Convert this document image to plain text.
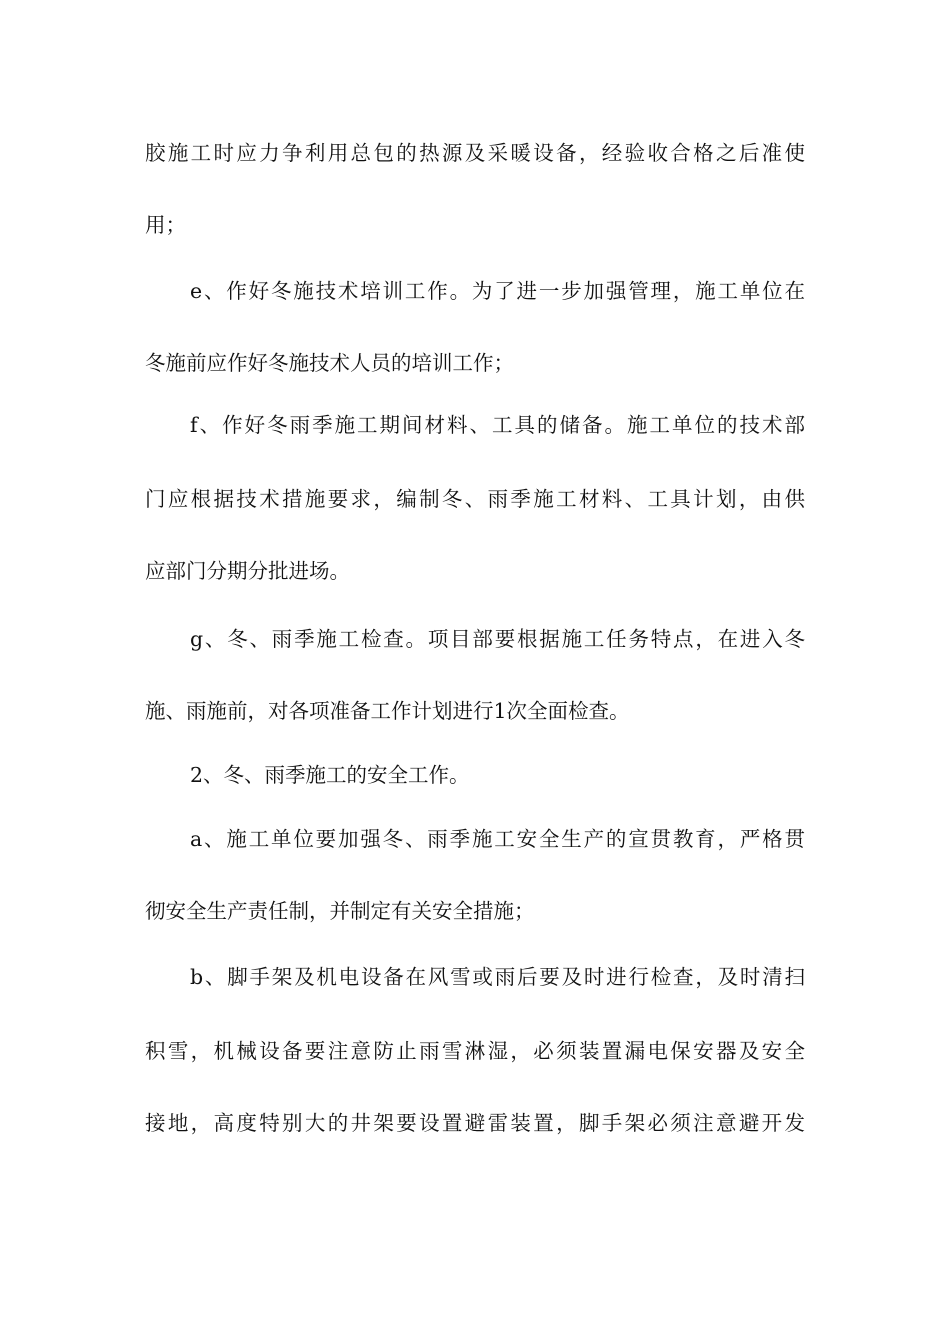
胶施工时应力争利用总包的热源及采暖设备，经验收合格之后准使
用；
e、作好冬施技术培训工作。为了进一步加强管理，施工单位在
冬施前应作好冬施技术人员的培训工作；
f、作好冬雨季施工期间材料、工具的储备。施工单位的技术部
门应根据技术措施要求，编制冬、雨季施工材料、工具计划，由供
应部门分期分批进场。
g、冬、雨季施工检查。项目部要根据施工任务特点，在进入冬
施、雨施前，对各项准备工作计划进行1次全面检查。
2、冬、雨季施工的安全工作。
a、施工单位要加强冬、雨季施工安全生产的宣贯教育，严格贯
彻安全生产责任制，并制定有关安全措施；
b、脚手架及机电设备在风雪或雨后要及时进行检查，及时清扫
积雪，机械设备要注意防止雨雪淋湿，必须装置漏电保安器及安全
接地，高度特别大的井架要设置避雷装置，脚手架必须注意避开发
